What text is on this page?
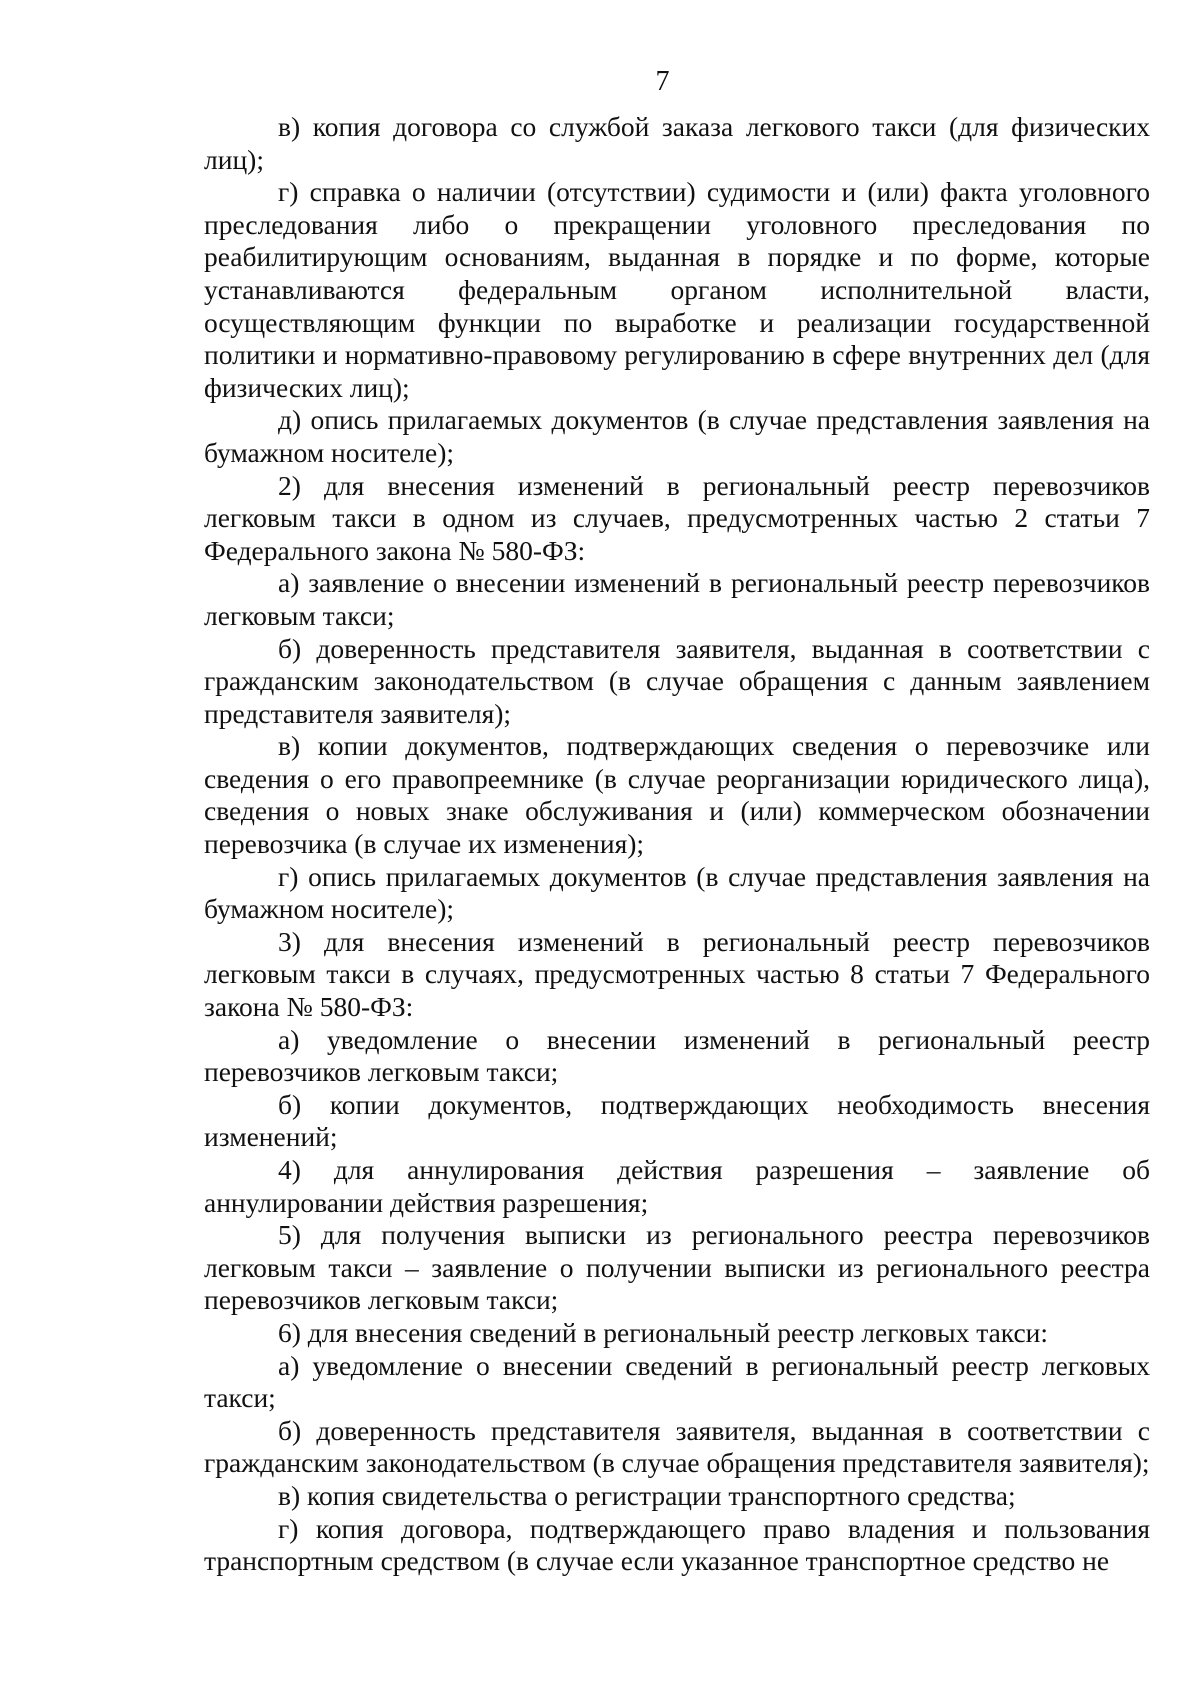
7

в) копия договора со службой заказа легкового такси (для физических лиц);

г) справка о наличии (отсутствии) судимости и (или) факта уголовного преследования либо о прекращении уголовного преследования по реабилитирующим основаниям, выданная в порядке и по форме, которые устанавливаются федеральным органом исполнительной власти, осуществляющим функции по выработке и реализации государственной политики и нормативно-правовому регулированию в сфере внутренних дел (для физических лиц);

д) опись прилагаемых документов (в случае представления заявления на бумажном носителе);

2) для внесения изменений в региональный реестр перевозчиков легковым такси в одном из случаев, предусмотренных частью 2 статьи 7 Федерального закона № 580-ФЗ:

а) заявление о внесении изменений в региональный реестр перевозчиков легковым такси;

б) доверенность представителя заявителя, выданная в соответствии с гражданским законодательством (в случае обращения с данным заявлением представителя заявителя);

в) копии документов, подтверждающих сведения о перевозчике или сведения о его правопреемнике (в случае реорганизации юридического лица), сведения о новых знаке обслуживания и (или) коммерческом обозначении перевозчика (в случае их изменения);

г) опись прилагаемых документов (в случае представления заявления на бумажном носителе);

3) для внесения изменений в региональный реестр перевозчиков легковым такси в случаях, предусмотренных частью 8 статьи 7 Федерального закона № 580-ФЗ:

а) уведомление о внесении изменений в региональный реестр перевозчиков легковым такси;

б) копии документов, подтверждающих необходимость внесения изменений;

4) для аннулирования действия разрешения – заявление об аннулировании действия разрешения;

5) для получения выписки из регионального реестра перевозчиков легковым такси – заявление о получении выписки из регионального реестра перевозчиков легковым такси;

6) для внесения сведений в региональный реестр легковых такси:

а) уведомление о внесении сведений в региональный реестр легковых такси;

б) доверенность представителя заявителя, выданная в соответствии с гражданским законодательством (в случае обращения представителя заявителя);

в) копия свидетельства о регистрации транспортного средства;

г) копия договора, подтверждающего право владения и пользования транспортным средством (в случае если указанное транспортное средство не
